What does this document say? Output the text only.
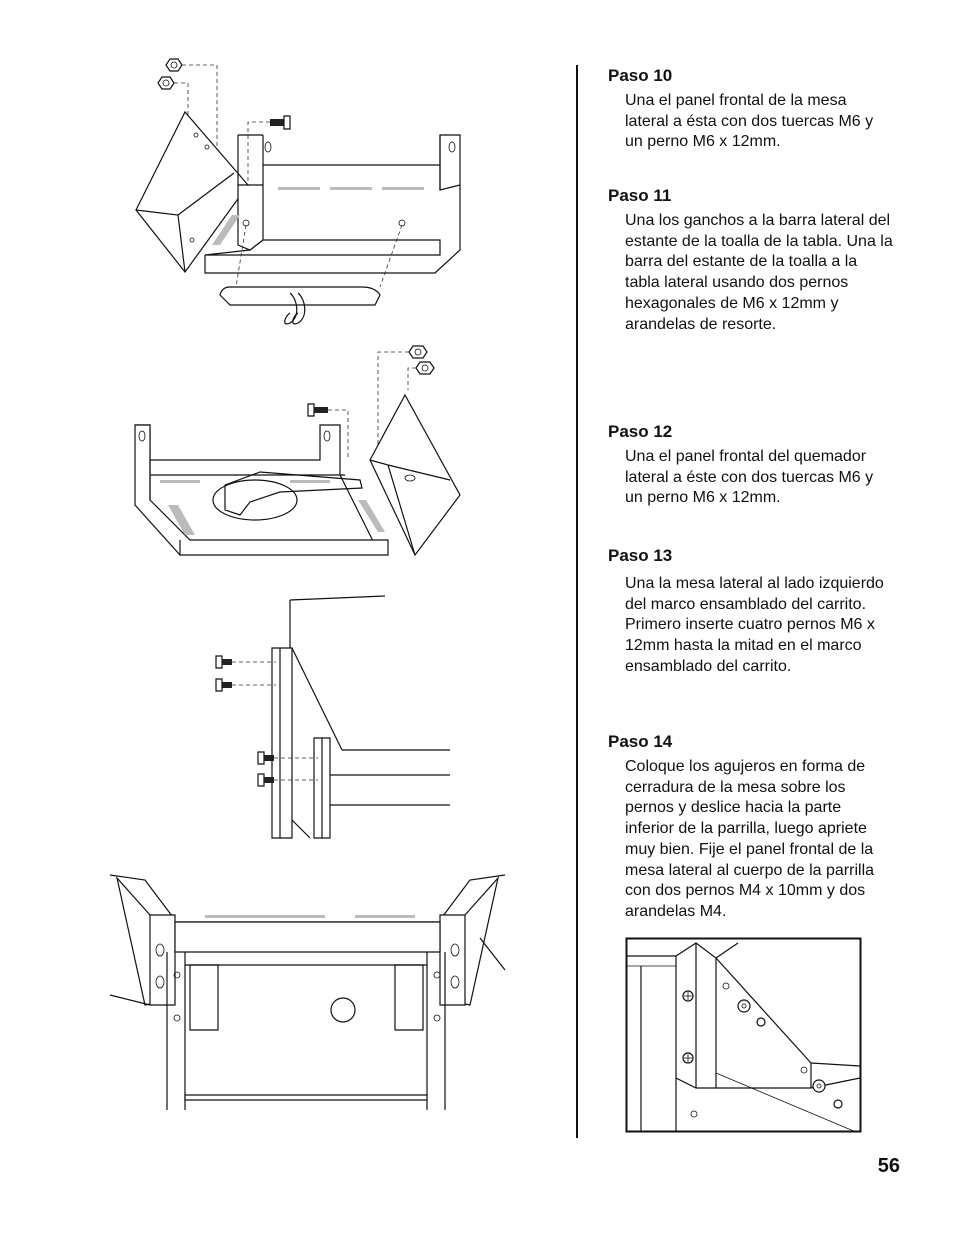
Paso 10

Una el panel frontal de la mesa lateral a ésta con dos tuercas M6 y un perno M6 x 12mm.

Paso 11

Una los ganchos a la barra lateral del estante de la toalla de la tabla. Una la barra del estante de la toalla a la tabla lateral usando dos pernos hexagonales de M6 x 12mm y arandelas de resorte.

Paso 12

Una el panel frontal del quemador lateral a éste con dos tuercas M6 y un perno M6 x 12mm.

Paso 13

Una la mesa lateral al lado izquierdo del marco ensamblado del carrito. Primero inserte cuatro pernos M6 x 12mm hasta la mitad en el marco ensamblado del carrito.

Paso 14

Coloque los agujeros en forma de cerradura de la mesa sobre los pernos y deslice hacia la parte inferior de la parrilla, luego apriete muy bien. Fije el panel frontal de la mesa lateral al cuerpo de la parrilla con dos pernos M4 x 10mm y dos arandelas M4.

56
